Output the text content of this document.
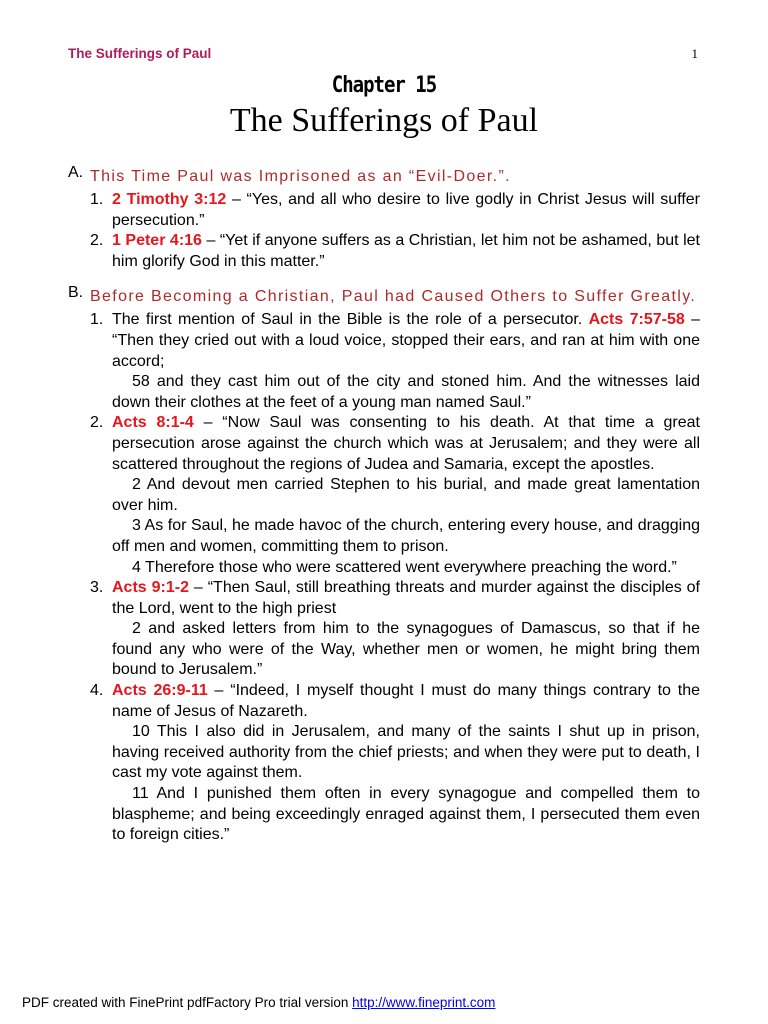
The Sufferings of Paul	1
Chapter 15
The Sufferings of Paul
A. This Time Paul was Imprisoned as an “Evil-Doer.”.
1. 2 Timothy 3:12 – “Yes, and all who desire to live godly in Christ Jesus will suffer persecution.”
2. 1 Peter 4:16 – “Yet if anyone suffers as a Christian, let him not be ashamed, but let him glorify God in this matter.”
B. Before Becoming a Christian, Paul had Caused Others to Suffer Greatly.
1. The first mention of Saul in the Bible is the role of a persecutor. Acts 7:57-58 – “Then they cried out with a loud voice, stopped their ears, and ran at him with one accord;
58 and they cast him out of the city and stoned him. And the witnesses laid down their clothes at the feet of a young man named Saul.”
2. Acts 8:1-4 – “Now Saul was consenting to his death. At that time a great persecution arose against the church which was at Jerusalem; and they were all scattered throughout the regions of Judea and Samaria, except the apostles.
2 And devout men carried Stephen to his burial, and made great lamentation over him.
3 As for Saul, he made havoc of the church, entering every house, and dragging off men and women, committing them to prison.
4 Therefore those who were scattered went everywhere preaching the word.”
3. Acts 9:1-2 – “Then Saul, still breathing threats and murder against the disciples of the Lord, went to the high priest
2 and asked letters from him to the synagogues of Damascus, so that if he found any who were of the Way, whether men or women, he might bring them bound to Jerusalem.”
4. Acts 26:9-11 – “Indeed, I myself thought I must do many things contrary to the name of Jesus of Nazareth.
10 This I also did in Jerusalem, and many of the saints I shut up in prison, having received authority from the chief priests; and when they were put to death, I cast my vote against them.
11 And I punished them often in every synagogue and compelled them to blaspheme; and being exceedingly enraged against them, I persecuted them even to foreign cities.”
PDF created with FinePrint pdfFactory Pro trial version http://www.fineprint.com
